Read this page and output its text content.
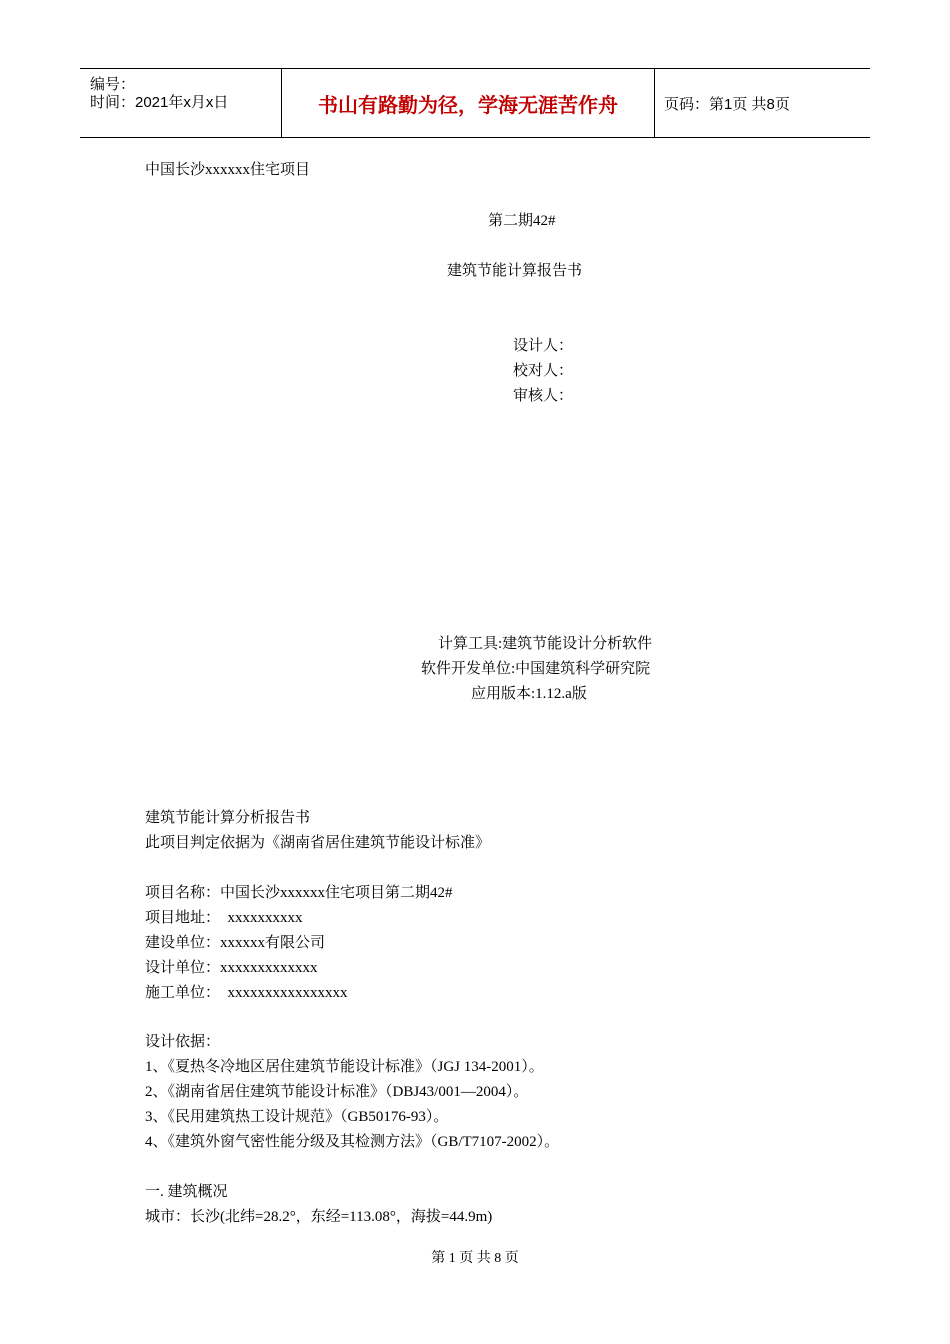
编号：
时间：2021年x月x日	书山有路勤为径，学海无涯苦作舟	页码：第1页 共8页
中国长沙xxxxxx住宅项目
第二期42#
建筑节能计算报告书
设计人：
校对人：
审核人：
计算工具:建筑节能设计分析软件
软件开发单位:中国建筑科学研究院
应用版本:1.12.a版
建筑节能计算分析报告书
此项目判定依据为《湖南省居住建筑节能设计标准》
项目名称：中国长沙xxxxxx住宅项目第二期42#
项目地址：  xxxxxxxxxx
建设单位：xxxxxx有限公司
设计单位：xxxxxxxxxxxxx
施工单位：  xxxxxxxxxxxxxxxx
设计依据：
1、《夏热冬冷地区居住建筑节能设计标准》（JGJ 134-2001）。
2、《湖南省居住建筑节能设计标准》（DBJ43/001—2004）。
3、《民用建筑热工设计规范》（GB50176-93）。
4、《建筑外窗气密性能分级及其检测方法》（GB/T7107-2002）。
一. 建筑概况
城市：长沙(北纬=28.2°，东经=113.08°，海拔=44.9m)
第 1 页 共 8 页
